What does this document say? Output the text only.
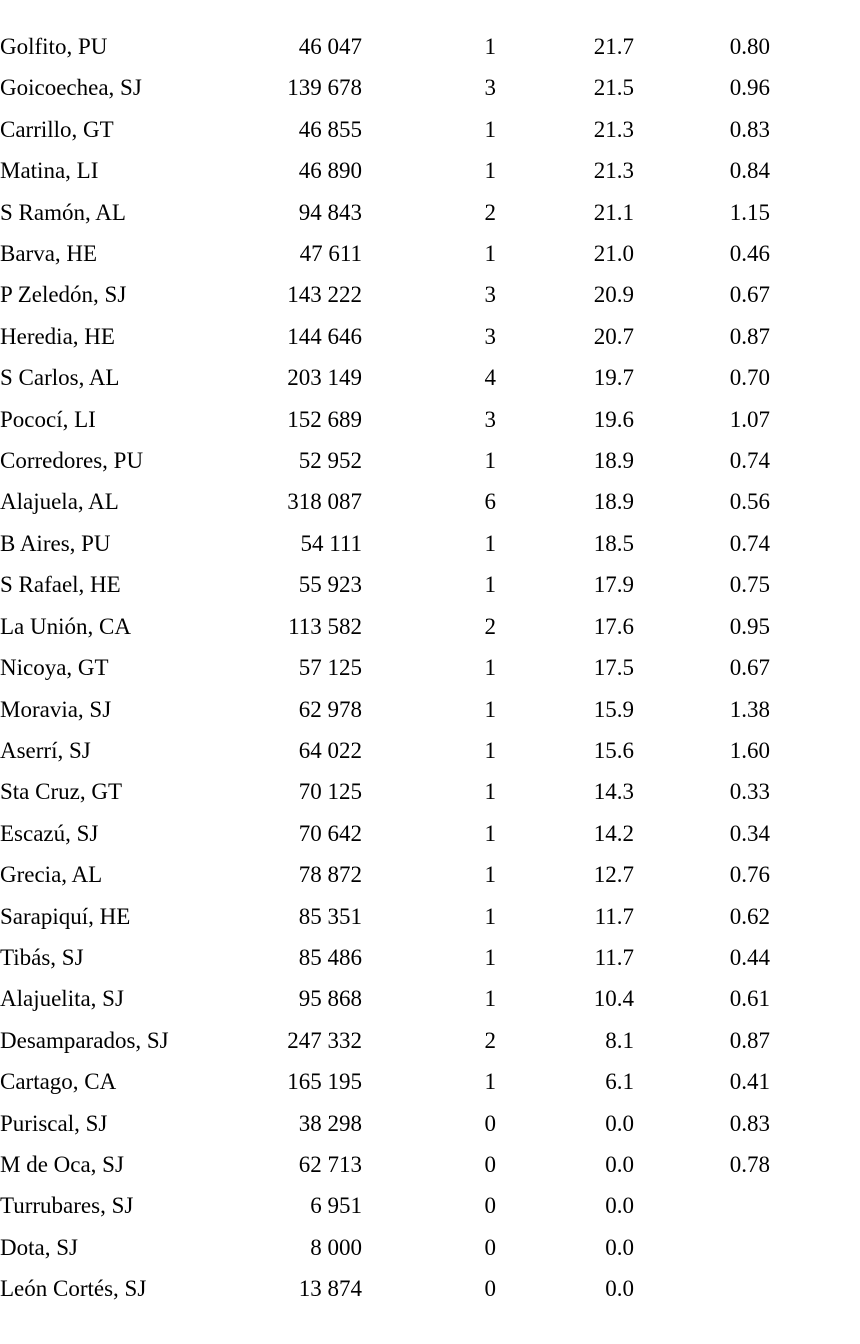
Golfito, PU	46 047	1	21.7	0.80
Goicoechea, SJ	139 678	3	21.5	0.96
Carrillo, GT	46 855	1	21.3	0.83
Matina, LI	46 890	1	21.3	0.84
S Ramón, AL	94 843	2	21.1	1.15
Barva, HE	47 611	1	21.0	0.46
P Zeledón, SJ	143 222	3	20.9	0.67
Heredia, HE	144 646	3	20.7	0.87
S Carlos, AL	203 149	4	19.7	0.70
Pococí, LI	152 689	3	19.6	1.07
Corredores, PU	52 952	1	18.9	0.74
Alajuela, AL	318 087	6	18.9	0.56
B Aires, PU	54 111	1	18.5	0.74
S Rafael, HE	55 923	1	17.9	0.75
La Unión, CA	113 582	2	17.6	0.95
Nicoya, GT	57 125	1	17.5	0.67
Moravia, SJ	62 978	1	15.9	1.38
Aserrí, SJ	64 022	1	15.6	1.60
Sta Cruz, GT	70 125	1	14.3	0.33
Escazú, SJ	70 642	1	14.2	0.34
Grecia, AL	78 872	1	12.7	0.76
Sarapiquí, HE	85 351	1	11.7	0.62
Tibás, SJ	85 486	1	11.7	0.44
Alajuelita, SJ	95 868	1	10.4	0.61
Desamparados, SJ	247 332	2	8.1	0.87
Cartago, CA	165 195	1	6.1	0.41
Puriscal, SJ	38 298	0	0.0	0.83
M de Oca, SJ	62 713	0	0.0	0.78
Turrubares, SJ	6 951	0	0.0	
Dota, SJ	8 000	0	0.0	
León Cortés, SJ	13 874	0	0.0	
